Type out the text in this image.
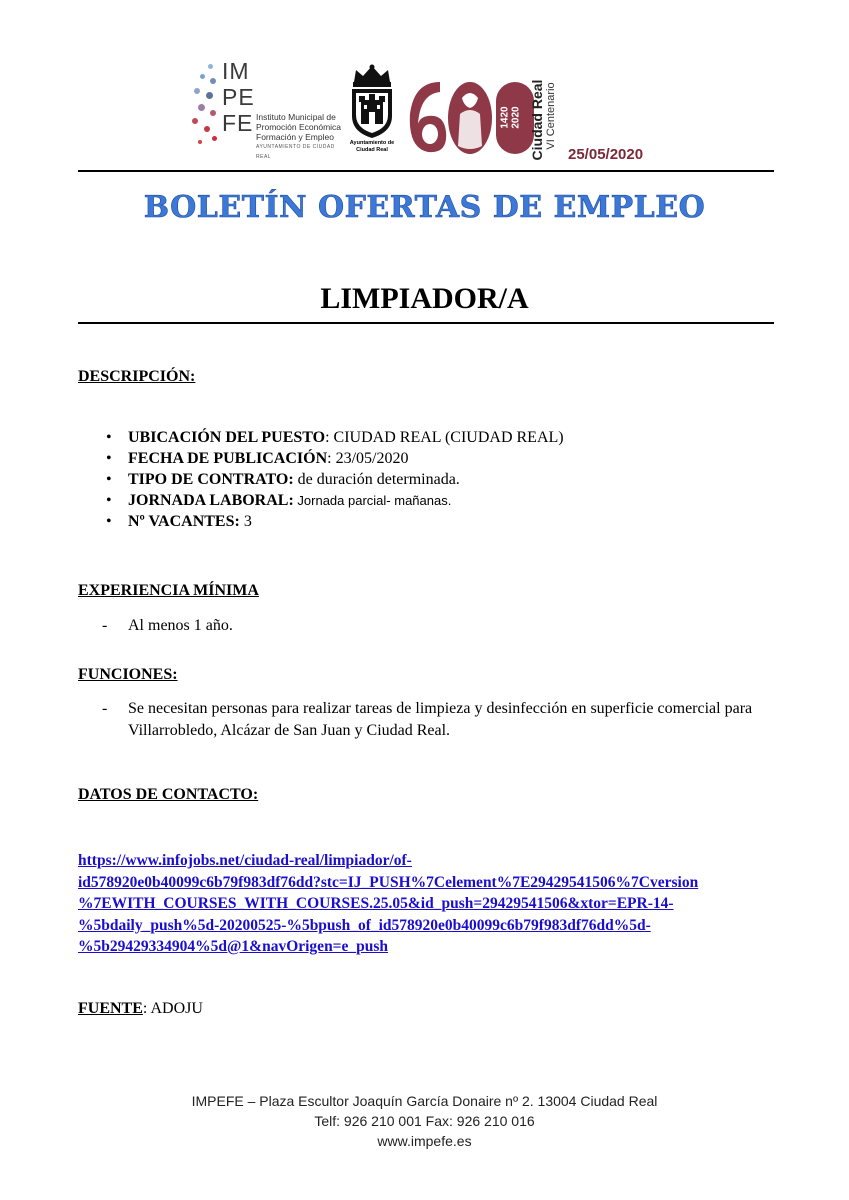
IM
PE
FE Instituto Municipal de
Promoción Económica
Formación y Empleo
AYUNTAMIENTO DE CIUDAD REAL
Ayuntamiento de
Ciudad Real
1420 2020 Ciudad Real VI Centenario
25/05/2020
BOLETÍN OFERTAS DE EMPLEO
LIMPIADOR/A
DESCRIPCIÓN:
• UBICACIÓN DEL PUESTO: CIUDAD REAL (CIUDAD REAL)
• FECHA DE PUBLICACIÓN: 23/05/2020
• TIPO DE CONTRATO: de duración determinada.
• JORNADA LABORAL: Jornada parcial- mañanas.
• Nº VACANTES: 3
EXPERIENCIA MÍNIMA
- Al menos 1 año.
FUNCIONES:
- Se necesitan personas para realizar tareas de limpieza y desinfección en superficie comercial para Villarrobledo, Alcázar de San Juan y Ciudad Real.
DATOS DE CONTACTO:
https://www.infojobs.net/ciudad-real/limpiador/of-
id578920e0b40099c6b79f983df76dd?stc=IJ_PUSH%7Celement%7E29429541506%7Cversion
%7EWITH_COURSES_WITH_COURSES.25.05&id_push=29429541506&xtor=EPR-14-
%5bdaily_push%5d-20200525-%5bpush_of_id578920e0b40099c6b79f983df76dd%5d-
%5b29429334904%5d@1&navOrigen=e_push
FUENTE: ADOJU
IMPEFE – Plaza Escultor Joaquín García Donaire nº 2. 13004 Ciudad Real
Telf: 926 210 001 Fax: 926 210 016
www.impefe.es
